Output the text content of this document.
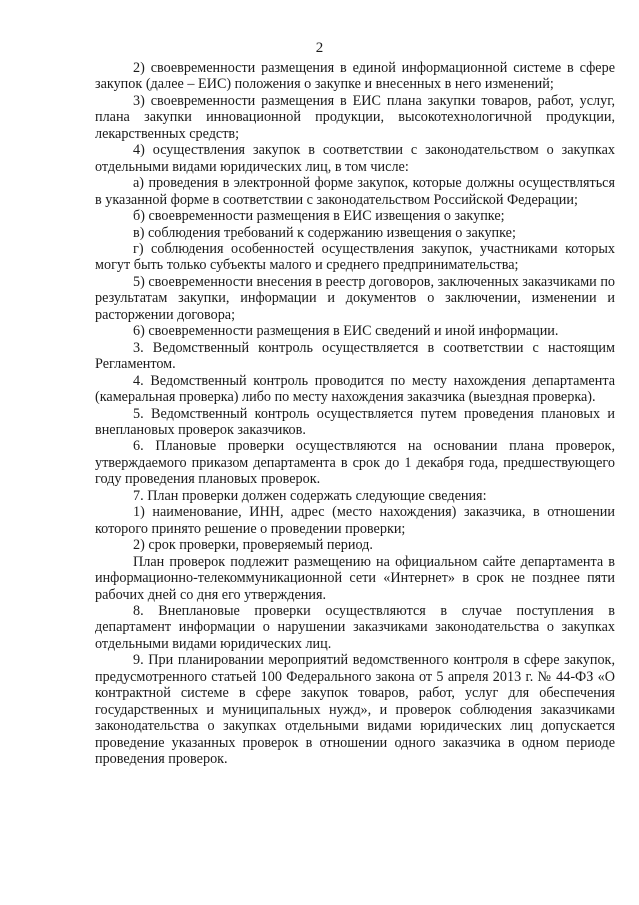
2

2) своевременности размещения в единой информационной системе в сфере закупок (далее – ЕИС) положения о закупке и внесенных в него изменений;

3) своевременности размещения в ЕИС плана закупки товаров, работ, услуг, плана закупки инновационной продукции, высокотехнологичной продукции, лекарственных средств;

4) осуществления закупок в соответствии с законодательством о закупках отдельными видами юридических лиц, в том числе:

а) проведения в электронной форме закупок, которые должны осуществляться в указанной форме в соответствии с законодательством Российской Федерации;

б) своевременности размещения в ЕИС извещения о закупке;

в) соблюдения требований к содержанию извещения о закупке;

г) соблюдения особенностей осуществления закупок, участниками которых могут быть только субъекты малого и среднего предпринимательства;

5) своевременности внесения в реестр договоров, заключенных заказчиками по результатам закупки, информации и документов о заключении, изменении и расторжении договора;

6) своевременности размещения в ЕИС сведений и иной информации.

3. Ведомственный контроль осуществляется в соответствии с настоящим Регламентом.

4. Ведомственный контроль проводится по месту нахождения департамента (камеральная проверка) либо по месту нахождения заказчика (выездная проверка).

5. Ведомственный контроль осуществляется путем проведения плановых и внеплановых проверок заказчиков.

6. Плановые проверки осуществляются на основании плана проверок, утверждаемого приказом департамента в срок до 1 декабря года, предшествующего году проведения плановых проверок.

7. План проверки должен содержать следующие сведения:

1) наименование, ИНН, адрес (место нахождения) заказчика, в отношении которого принято решение о проведении проверки;

2) срок проверки, проверяемый период.

План проверок подлежит размещению на официальном сайте департамента в информационно-телекоммуникационной сети «Интернет» в срок не позднее пяти рабочих дней со дня его утверждения.

8. Внеплановые проверки осуществляются в случае поступления в департамент информации о нарушении заказчиками законодательства о закупках отдельными видами юридических лиц.

9. При планировании мероприятий ведомственного контроля в сфере закупок, предусмотренного статьей 100 Федерального закона от 5 апреля 2013 г. № 44-ФЗ «О контрактной системе в сфере закупок товаров, работ, услуг для обеспечения государственных и муниципальных нужд», и проверок соблюдения заказчиками законодательства о закупках отдельными видами юридических лиц допускается проведение указанных проверок в отношении одного заказчика в одном периоде проведения проверок.
